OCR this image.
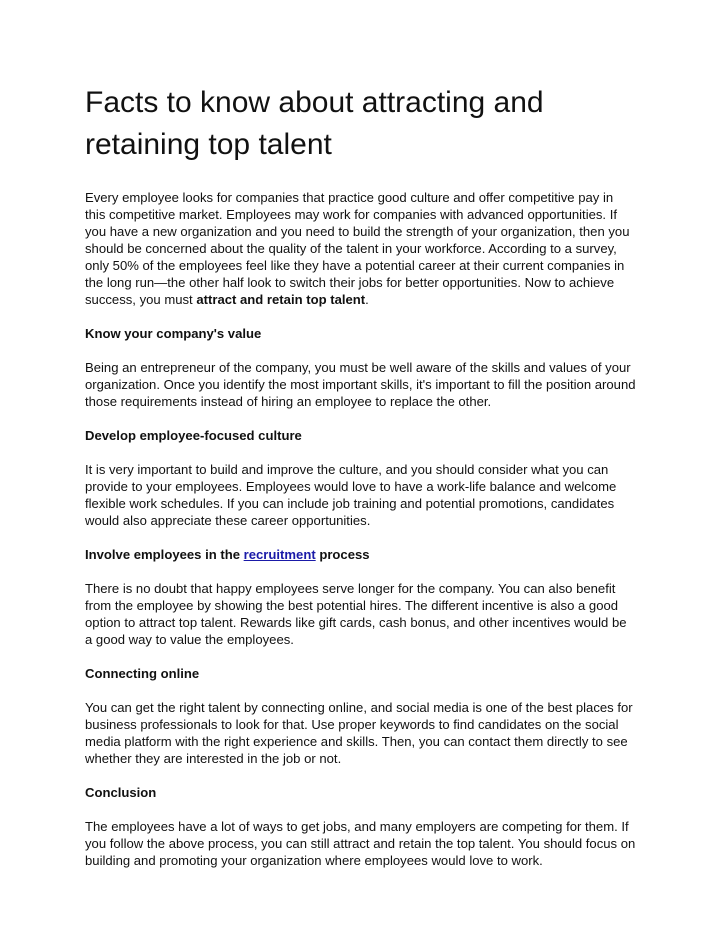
Facts to know about attracting and retaining top talent

Every employee looks for companies that practice good culture and offer competitive pay in this competitive market. Employees may work for companies with advanced opportunities. If you have a new organization and you need to build the strength of your organization, then you should be concerned about the quality of the talent in your workforce. According to a survey, only 50% of the employees feel like they have a potential career at their current companies in the long run—the other half look to switch their jobs for better opportunities. Now to achieve success, you must attract and retain top talent.

Know your company's value

Being an entrepreneur of the company, you must be well aware of the skills and values of your organization. Once you identify the most important skills, it's important to fill the position around those requirements instead of hiring an employee to replace the other.

Develop employee-focused culture

It is very important to build and improve the culture, and you should consider what you can provide to your employees. Employees would love to have a work-life balance and welcome flexible work schedules. If you can include job training and potential promotions, candidates would also appreciate these career opportunities.

Involve employees in the recruitment process

There is no doubt that happy employees serve longer for the company. You can also benefit from the employee by showing the best potential hires. The different incentive is also a good option to attract top talent. Rewards like gift cards, cash bonus, and other incentives would be a good way to value the employees.

Connecting online

You can get the right talent by connecting online, and social media is one of the best places for business professionals to look for that. Use proper keywords to find candidates on the social media platform with the right experience and skills. Then, you can contact them directly to see whether they are interested in the job or not.

Conclusion

The employees have a lot of ways to get jobs, and many employers are competing for them. If you follow the above process, you can still attract and retain the top talent. You should focus on building and promoting your organization where employees would love to work.
